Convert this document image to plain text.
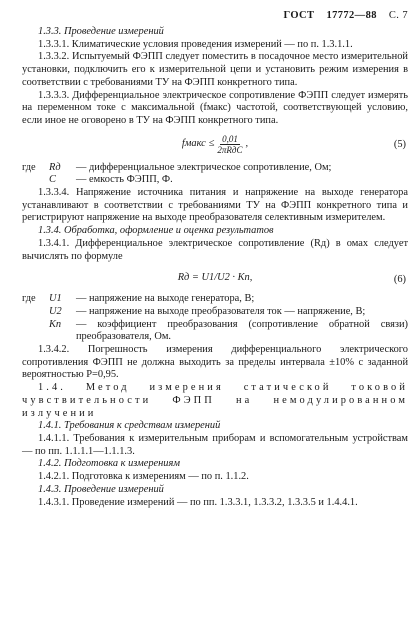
ГОСТ 17772—88 С. 7

1.3.3. Проведение измерений

1.3.3.1. Климатические условия проведения измерений — по п. 1.3.1.1.

1.3.3.2. Испытуемый ФЭПП следует поместить в посадочное место измерительной установки, подключить его к измерительной цепи и установить режим измерения в соответствии с требованиями ТУ на ФЭПП конкретного типа.

1.3.3.3. Дифференциальное электрическое сопротивление ФЭПП следует измерять на переменном токе с максимальной (fмакс) частотой, соответствующей условию, если иное не оговорено в ТУ на ФЭПП конкретного типа.

fмакс ≤ $\frac{0,01}{\text{2πRдC}}$ ,	(5)
где	Rд	— дифференциальное электрическое сопротивление, Ом;
C	— емкость ФЭПП, Ф.

1.3.3.4. Напряжение источника питания и напряжение на выходе генератора устанавливают в соответствии с требованиями ТУ на ФЭПП конкретного типа и регистрируют напряжение на выходе преобразователя селективным измерителем.

1.3.4. Обработка, оформление и оценка результатов

1.3.4.1. Дифференциальное электрическое сопротивление (Rд) в омах следует вычислять по формуле

Rд = U1/U2 · Kп,	(6)
где	U1	— напряжение на выходе генератора, В;
U2	— напряжение на выходе преобразователя ток — напряжение, В;
Kп	— коэффициент преобразования (сопротивление обратной связи) преобразователя, Ом.

1.3.4.2. Погрешность измерения дифференциального электрического сопротивления ФЭПП не должна выходить за пределы интервала ±10% с заданной вероятностью P=0,95.

1.4. Метод измерения статической токовой чувствительности ФЭПП на немодулированном излучении

1.4.1. Требования к средствам измерений

1.4.1.1. Требования к измерительным приборам и вспомогательным устройствам — по пп. 1.1.1.1—1.1.1.3.

1.4.2. Подготовка к измерениям

1.4.2.1. Подготовка к измерениям — по п. 1.1.2.

1.4.3. Проведение измерений

1.4.3.1. Проведение измерений — по пп. 1.3.3.1, 1.3.3.2, 1.3.3.5 и 1.4.4.1.
